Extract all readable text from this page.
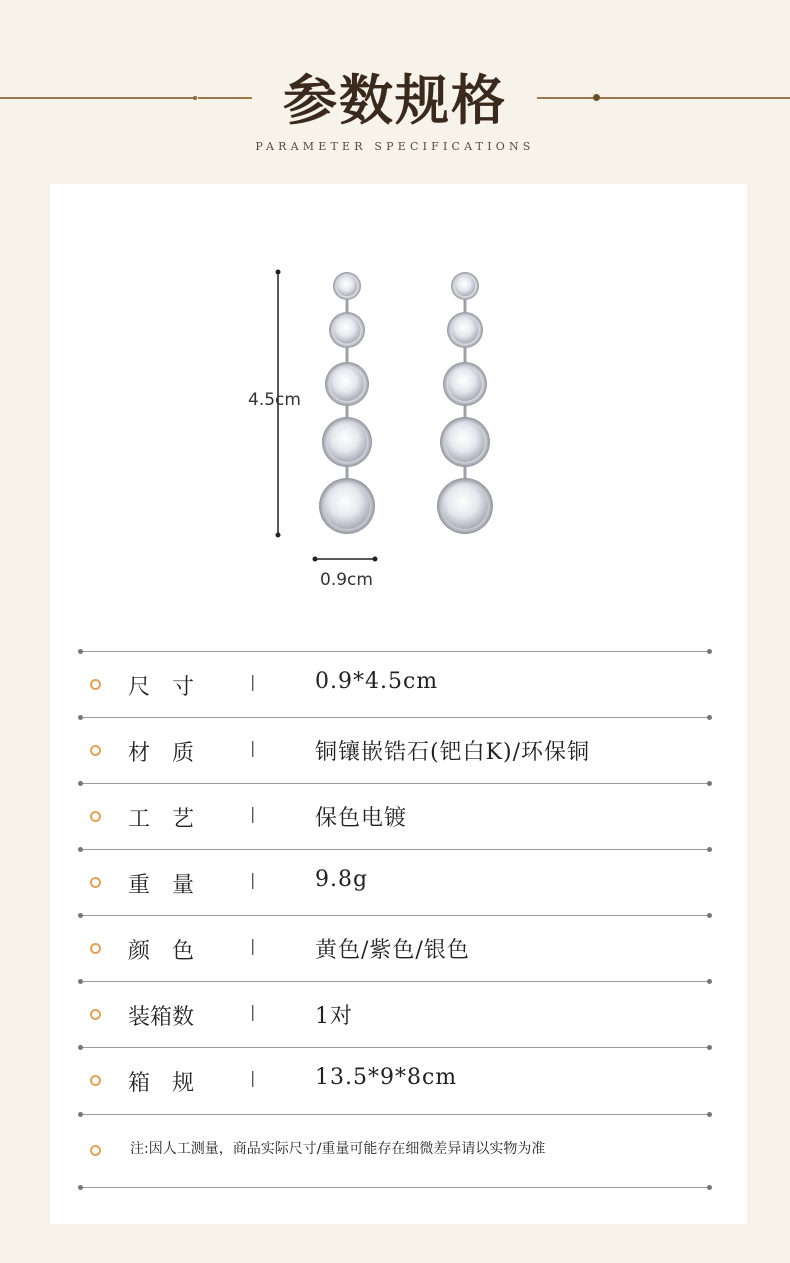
参数规格
PARAMETER SPECIFICATIONS
4.5cm
0.9cm
尺　寸	|	0.9*4.5cm
材　质	|	铜镶嵌锆石(钯白K)/环保铜
工　艺	|	保色电镀
重　量	|	9.8g
颜　色	|	黄色/紫色/银色
装箱数	|	1对
箱　规	|	13.5*9*8cm
注:因人工测量，商品实际尺寸/重量可能存在细微差异请以实物为准
